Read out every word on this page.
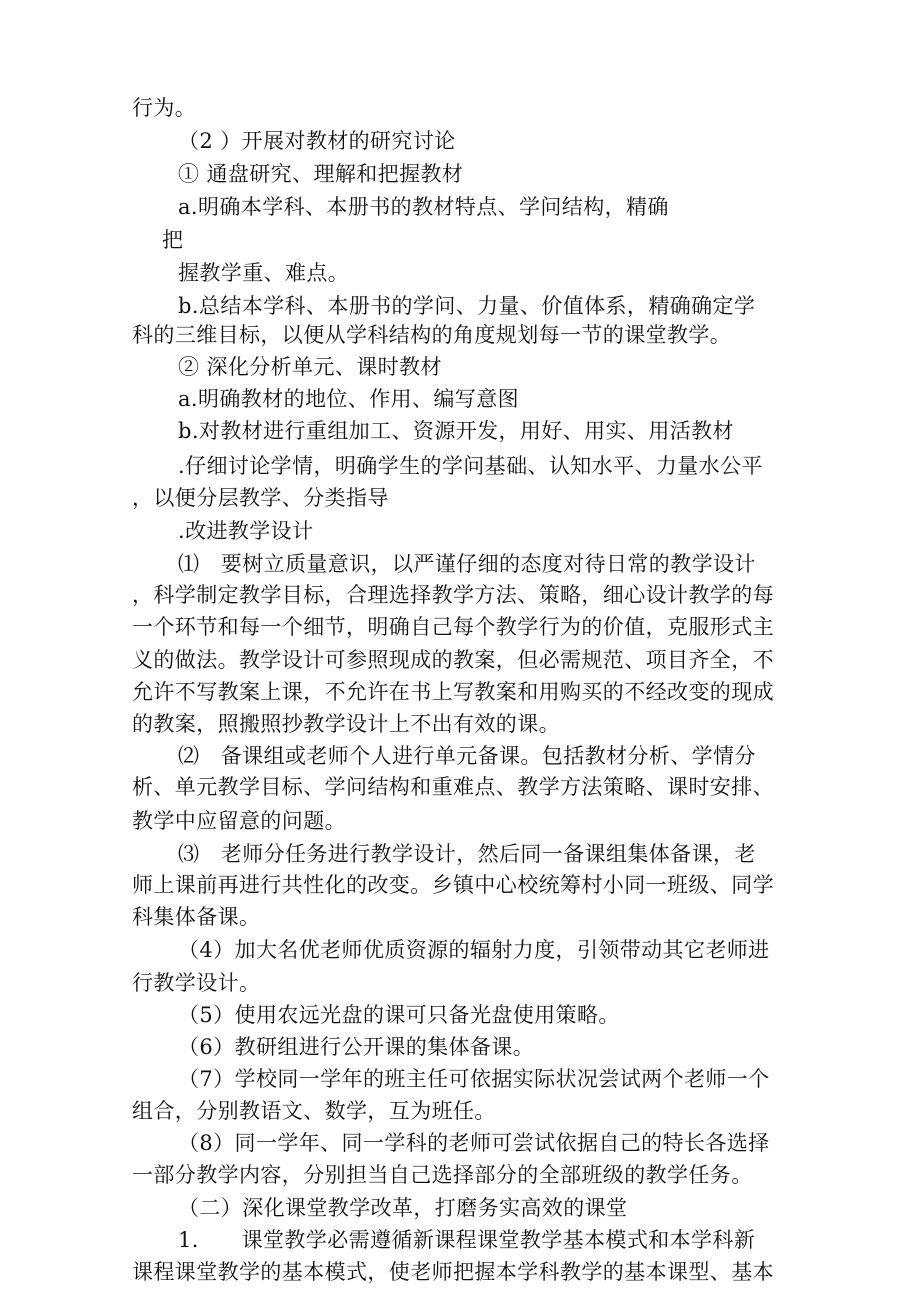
行为。
（2 ）开展对教材的研究讨论
① 通盘研究、理解和把握教材
a.明确本学科、本册书的教材特点、学问结构，精确
把
握教学重、难点。
b.总结本学科、本册书的学问、力量、价值体系，精确确定学
科的三维目标，以便从学科结构的角度规划每一节的课堂教学。
② 深化分析单元、课时教材
a.明确教材的地位、作用、编写意图
b.对教材进行重组加工、资源开发，用好、用实、用活教材
.仔细讨论学情，明确学生的学问基础、认知水平、力量水公平
，以便分层教学、分类指导
.改进教学设计
⑴　要树立质量意识，以严谨仔细的态度对待日常的教学设计
，科学制定教学目标，合理选择教学方法、策略，细心设计教学的每
一个环节和每一个细节，明确自己每个教学行为的价值，克服形式主
义的做法。教学设计可参照现成的教案，但必需规范、项目齐全，不
允许不写教案上课，不允许在书上写教案和用购买的不经改变的现成
的教案，照搬照抄教学设计上不出有效的课。
⑵　备课组或老师个人进行单元备课。包括教材分析、学情分
析、单元教学目标、学问结构和重难点、教学方法策略、课时安排、
教学中应留意的问题。
⑶　老师分任务进行教学设计，然后同一备课组集体备课，老
师上课前再进行共性化的改变。乡镇中心校统筹村小同一班级、同学
科集体备课。
（4）加大名优老师优质资源的辐射力度，引领带动其它老师进
行教学设计。
（5）使用农远光盘的课可只备光盘使用策略。
（6）教研组进行公开课的集体备课。
（7）学校同一学年的班主任可依据实际状况尝试两个老师一个
组合，分别教语文、数学，互为班任。
（8）同一学年、同一学科的老师可尝试依据自己的特长各选择
一部分教学内容，分别担当自己选择部分的全部班级的教学任务。
（二）深化课堂教学改革，打磨务实高效的课堂
1.　　课堂教学必需遵循新课程课堂教学基本模式和本学科新
课程课堂教学的基本模式，使老师把握本学科教学的基本课型、基本
